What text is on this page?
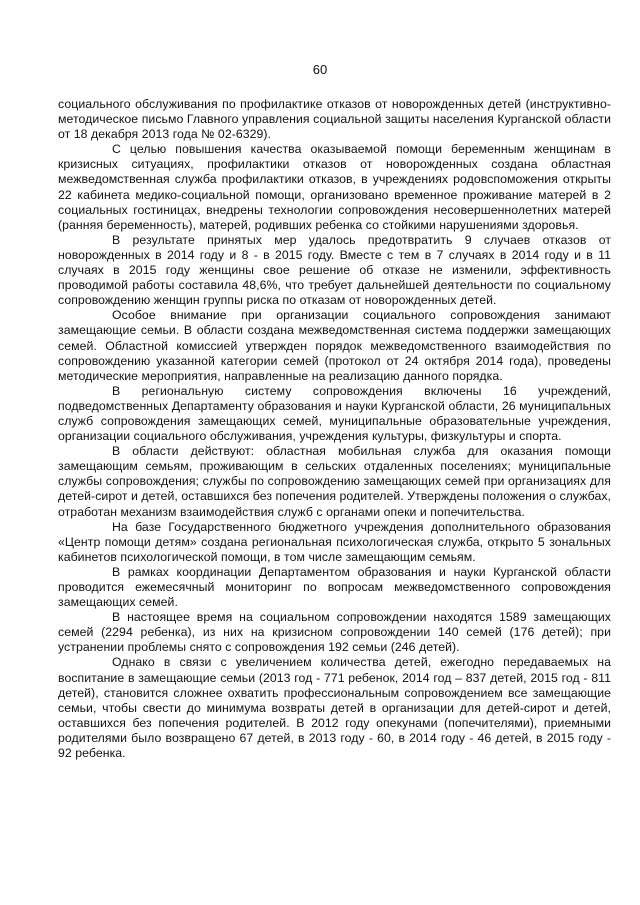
60

социального обслуживания по профилактике отказов от новорожденных детей (инструктивно-методическое письмо Главного управления социальной защиты населения Курганской области от 18 декабря 2013 года № 02-6329).

С целью повышения качества оказываемой помощи беременным женщинам в кризисных ситуациях, профилактики отказов от новорожденных создана областная межведомственная служба профилактики отказов, в учреждениях родовспоможения открыты 22 кабинета медико-социальной помощи, организовано временное проживание матерей в 2 социальных гостиницах, внедрены технологии сопровождения несовершеннолетних матерей (ранняя беременность), матерей, родивших ребенка со стойкими нарушениями здоровья.

В результате принятых мер удалось предотвратить 9 случаев отказов от новорожденных в 2014 году и 8 - в 2015 году. Вместе с тем в 7 случаях в 2014 году и в 11 случаях в 2015 году женщины свое решение об отказе не изменили, эффективность проводимой работы составила 48,6%, что требует дальнейшей деятельности по социальному сопровождению женщин группы риска по отказам от новорожденных детей.

Особое внимание при организации социального сопровождения занимают замещающие семьи. В области создана межведомственная система поддержки замещающих семей. Областной комиссией утвержден порядок межведомственного взаимодействия по сопровождению указанной категории семей (протокол от 24 октября 2014 года), проведены методические мероприятия, направленные на реализацию данного порядка.

В региональную систему сопровождения включены 16 учреждений, подведомственных Департаменту образования и науки Курганской области, 26 муниципальных служб сопровождения замещающих семей, муниципальные образовательные учреждения, организации социального обслуживания, учреждения культуры, физкультуры и спорта.

В области действуют: областная мобильная служба для оказания помощи замещающим семьям, проживающим в сельских отдаленных поселениях; муниципальные службы сопровождения; службы по сопровождению замещающих семей при организациях для детей-сирот и детей, оставшихся без попечения родителей. Утверждены положения о службах, отработан механизм взаимодействия служб с органами опеки и попечительства.

На базе Государственного бюджетного учреждения дополнительного образования «Центр помощи детям» создана региональная психологическая служба, открыто 5 зональных кабинетов психологической помощи, в том числе замещающим семьям.

В рамках координации Департаментом образования и науки Курганской области проводится ежемесячный мониторинг по вопросам межведомственного сопровождения замещающих семей.

В настоящее время на социальном сопровождении находятся 1589 замещающих семей (2294 ребенка), из них на кризисном сопровождении 140 семей (176 детей); при устранении проблемы снято с сопровождения 192 семьи (246 детей).

Однако в связи с увеличением количества детей, ежегодно передаваемых на воспитание в замещающие семьи (2013 год - 771 ребенок, 2014 год – 837 детей, 2015 год - 811 детей), становится сложнее охватить профессиональным сопровождением все замещающие семьи, чтобы свести до минимума возвраты детей в организации для детей-сирот и детей, оставшихся без попечения родителей. В 2012 году опекунами (попечителями), приемными родителями было возвращено 67 детей, в 2013 году - 60, в 2014 году - 46 детей, в 2015 году - 92 ребенка.
